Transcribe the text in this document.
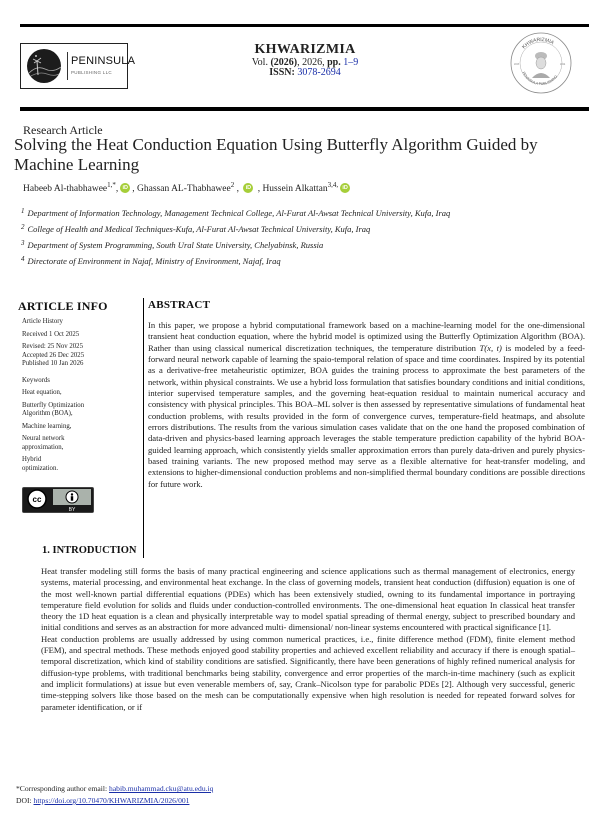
PENINSULA
PUBLISHING LLC
KHWARIZMIA
Vol. (2026), 2026, pp. 1–9
ISSN: 3078-2694
KHWARIZMIA
PENINSULA PUBLISHING
2023	2024
Research Article
Solving the Heat Conduction Equation Using Butterfly Algorithm Guided by Machine Learning
Habeeb Al-thabhawee$^{1,*}$, iD , Ghassan AL-Thabhawee$^2$ , iD , Hussein Alkattan$^{3,4,}$ iD
$^1$ Department of Information Technology, Management Technical College, Al-Furat Al-Awsat Technical University, Kufa, Iraq
$^2$ College of Health and Medical Techniques-Kufa, Al-Furat Al-Awsat Technical University, Kufa, Iraq
$^3$ Department of System Programming, South Ural State University, Chelyabinsk, Russia
$^4$ Directorate of Environment in Najaf, Ministry of Environment, Najaf, Iraq
ARTICLE INFO
Article History
Received 1 Oct 2025
Revised: 25 Nov 2025
Accepted 26 Dec 2025
Published 10 Jan 2026
Keywords
Heat equation,
Butterfly Optimization Algorithm (BOA),
Machine learning,
Neural network approximation,
Hybrid optimization.
cc
BY
ABSTRACT
In this paper, we propose a hybrid computational framework based on a machine-learning model for the one-dimensional transient heat conduction equation, where the hybrid model is optimized using the Butterfly Optimization Algorithm (BOA). Rather than using classical numerical discretization techniques, the temperature distribution T(x, t) is modeled by a feed-forward neural network capable of learning the spaio-temporal relation of space and time coordinates. Inspired by its potential as a derivative-free metaheuristic optimizer, BOA guides the training process to approximate the best parameters of the network, within physical constraints. We use a hybrid loss formulation that satisfies boundary conditions and initial conditions, interior supervised temperature samples, and the governing heat-equation residual to maintain numerical accuracy and consistency with physical principles. This BOA–ML solver is then assessed by representative simulations of fundamental heat conduction problems, with results provided in the form of convergence curves, temperature-field heatmaps, and absolute errors distributions. The results from the various simulation cases validate that on the one hand the proposed combination of data-driven and physics-based learning approach leverages the stable temperature prediction capability of the hybrid BOA-guided learning approach, which consistently yields smaller approximation errors than purely data-driven and purely physics-based training variants. The new proposed method may serve as a flexible alternative for heat-transfer modeling, and extensions to higher-dimensional conduction problems and non-simplified thermal boundary conditions are possible directions for future work.
1. INTRODUCTION

Heat transfer modeling still forms the basis of many practical engineering and science applications such as thermal management of electronics, energy systems, material processing, and environmental heat exchange. In the class of governing models, transient heat conduction (diffusion) equation is one of the most well-known partial differential equations (PDEs) which has been extensively studied, owning to its fundamental importance in portraying temperature field evolution for solids and fluids under conduction-controlled environments. The one-dimensional heat equation In classical heat transfer theory the 1D heat equation is a clean and physically interpretable way to model spatial spreading of thermal energy, subject to prescribed boundary and initial conditions and serves as an abstraction for more advanced multi- dimensional/ non-linear systems encountered with practical significance [1].

Heat conduction problems are usually addressed by using common numerical practices, i.e., finite difference method (FDM), finite element method (FEM), and spectral methods. These methods enjoyed good stability properties and achieved excellent reliability and accuracy if there is enough spatial–temporal discretization, which kind of stability conditions are satisfied. Significantly, there have been generations of highly refined numerical analysis for diffusion-type problems, with traditional benchmarks being stability, convergence and error properties of the march-in-time machinery (such as explicit and implicit formulations) at issue but even venerable members of, say, Crank–Nicolson type for parabolic PDEs [2]. Although very successful, generic time-stepping solvers like those based on the mesh can be computationally expensive when high resolution is needed for repeated forward solves for parameter identification, or if

*Corresponding author email: habib.muhammad.cku@atu.edu.iq
DOI: https://doi.org/10.70470/KHWARIZMIA/2026/001
